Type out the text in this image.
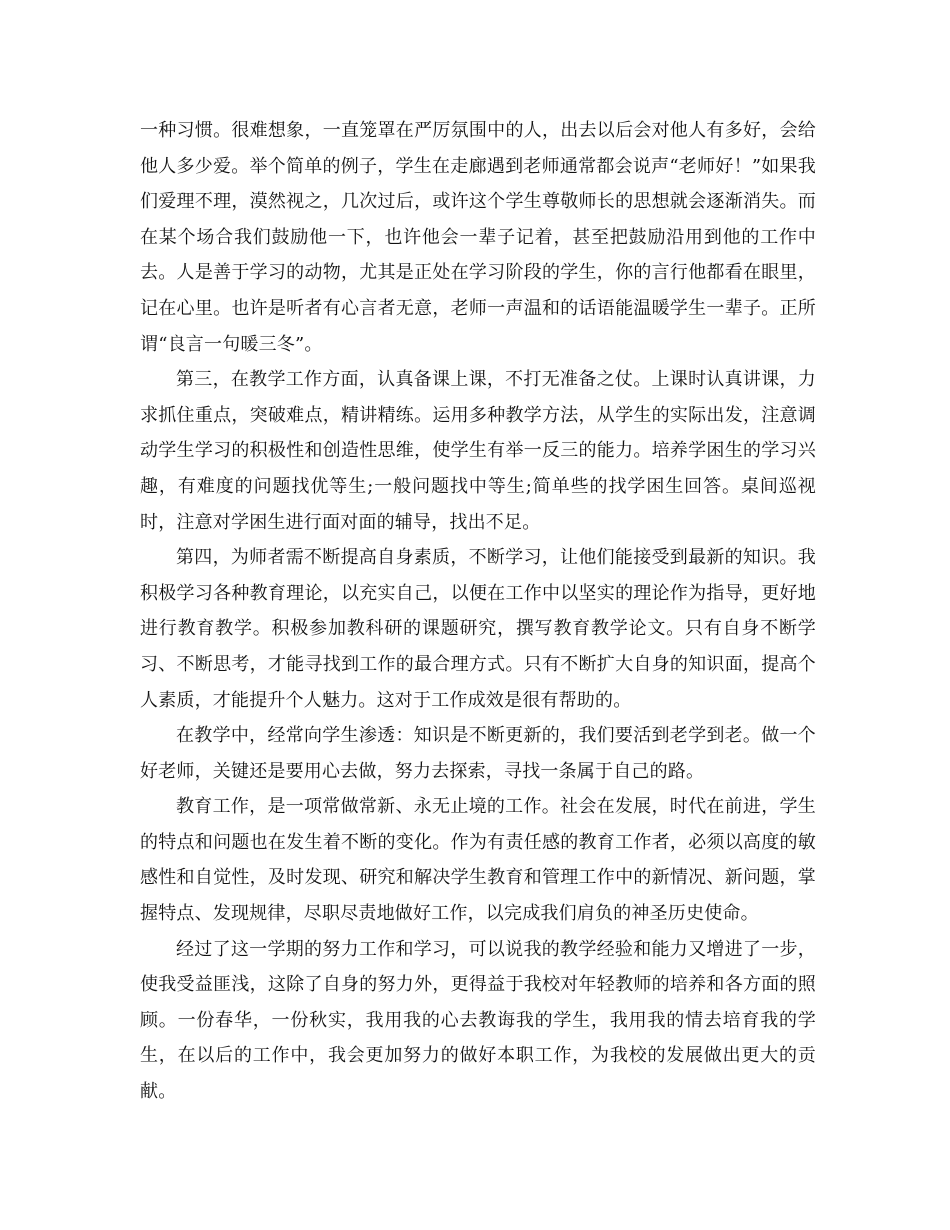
一种习惯。很难想象，一直笼罩在严厉氛围中的人，出去以后会对他人有多好，会给他人多少爱。举个简单的例子，学生在走廊遇到老师通常都会说声“老师好！”如果我们爱理不理，漠然视之，几次过后，或许这个学生尊敬师长的思想就会逐渐消失。而在某个场合我们鼓励他一下，也许他会一辈子记着，甚至把鼓励沿用到他的工作中去。人是善于学习的动物，尤其是正处在学习阶段的学生，你的言行他都看在眼里，记在心里。也许是听者有心言者无意，老师一声温和的话语能温暖学生一辈子。正所谓“良言一句暖三冬”。

第三，在教学工作方面，认真备课上课，不打无准备之仗。上课时认真讲课，力求抓住重点，突破难点，精讲精练。运用多种教学方法，从学生的实际出发，注意调动学生学习的积极性和创造性思维，使学生有举一反三的能力。培养学困生的学习兴趣，有难度的问题找优等生;一般问题找中等生;简单些的找学困生回答。桌间巡视时，注意对学困生进行面对面的辅导，找出不足。

第四，为师者需不断提高自身素质，不断学习，让他们能接受到最新的知识。我积极学习各种教育理论，以充实自己，以便在工作中以坚实的理论作为指导，更好地进行教育教学。积极参加教科研的课题研究，撰写教育教学论文。只有自身不断学习、不断思考，才能寻找到工作的最合理方式。只有不断扩大自身的知识面，提高个人素质，才能提升个人魅力。这对于工作成效是很有帮助的。

在教学中，经常向学生渗透：知识是不断更新的，我们要活到老学到老。做一个好老师，关键还是要用心去做，努力去探索，寻找一条属于自己的路。

教育工作，是一项常做常新、永无止境的工作。社会在发展，时代在前进，学生的特点和问题也在发生着不断的变化。作为有责任感的教育工作者，必须以高度的敏感性和自觉性，及时发现、研究和解决学生教育和管理工作中的新情况、新问题，掌握特点、发现规律，尽职尽责地做好工作，以完成我们肩负的神圣历史使命。

经过了这一学期的努力工作和学习，可以说我的教学经验和能力又增进了一步，使我受益匪浅，这除了自身的努力外，更得益于我校对年轻教师的培养和各方面的照顾。一份春华，一份秋实，我用我的心去教诲我的学生，我用我的情去培育我的学生，在以后的工作中，我会更加努力的做好本职工作，为我校的发展做出更大的贡献。
